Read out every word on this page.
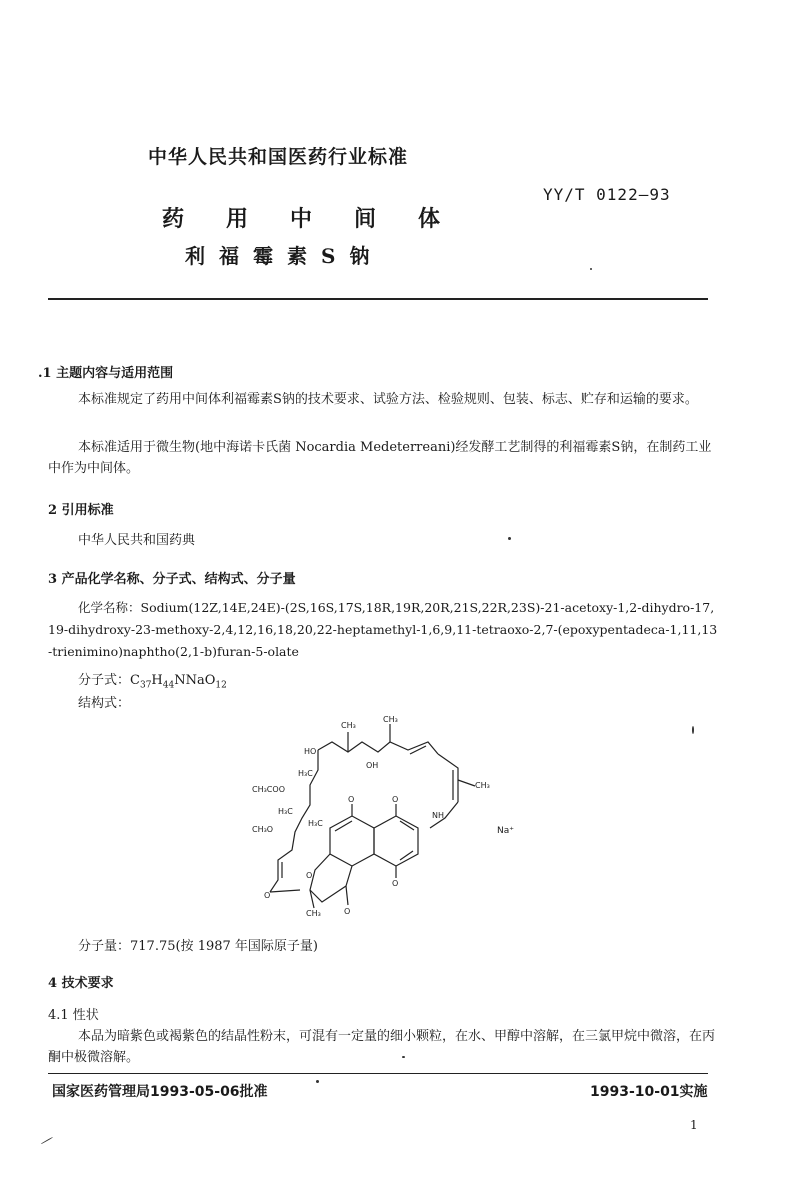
中华人民共和国医药行业标准
YY/T 0122—93
药用中间体
利福霉素S钠
.1 主题内容与适用范围
本标准规定了药用中间体利福霉素S钠的技术要求、试验方法、检验规则、包装、标志、贮存和运输的要求。
本标准适用于微生物(地中海诺卡氏菌 Nocardia Medeterreani)经发酵工艺制得的利福霉素S钠，在制药工业中作为中间体。
2 引用标准
中华人民共和国药典
3 产品化学名称、分子式、结构式、分子量
化学名称：Sodium(12Z,14E,24E)-(2S,16S,17S,18R,19R,20R,21S,22R,23S)-21-acetoxy-1,2-dihydro-17,19-dihydroxy-23-methoxy-2,4,12,16,18,20,22-heptamethyl-1,6,9,11-tetraoxo-2,7-(epoxypentadeca-1,11,13-trienimino)naphtho(2,1-b)furan-5-olate
分子式：$C_{37}H_{44}NNaO_{12}$
结构式：
CH₃
CH₃
HO
OH
H₃C
CH₃COO
H₃C
H₃C
CH₃O
NH
CH₃
CH₃
O	O
O
O
O
O
Na⁺
分子量：717.75(按 1987 年国际原子量)
4 技术要求
4.1 性状
本品为暗紫色或褐紫色的结晶性粉末，可混有一定量的细小颗粒，在水、甲醇中溶解，在三氯甲烷中微溶，在丙酮中极微溶解。
国家医药管理局1993-05-06批准	1993-10-01实施
1
